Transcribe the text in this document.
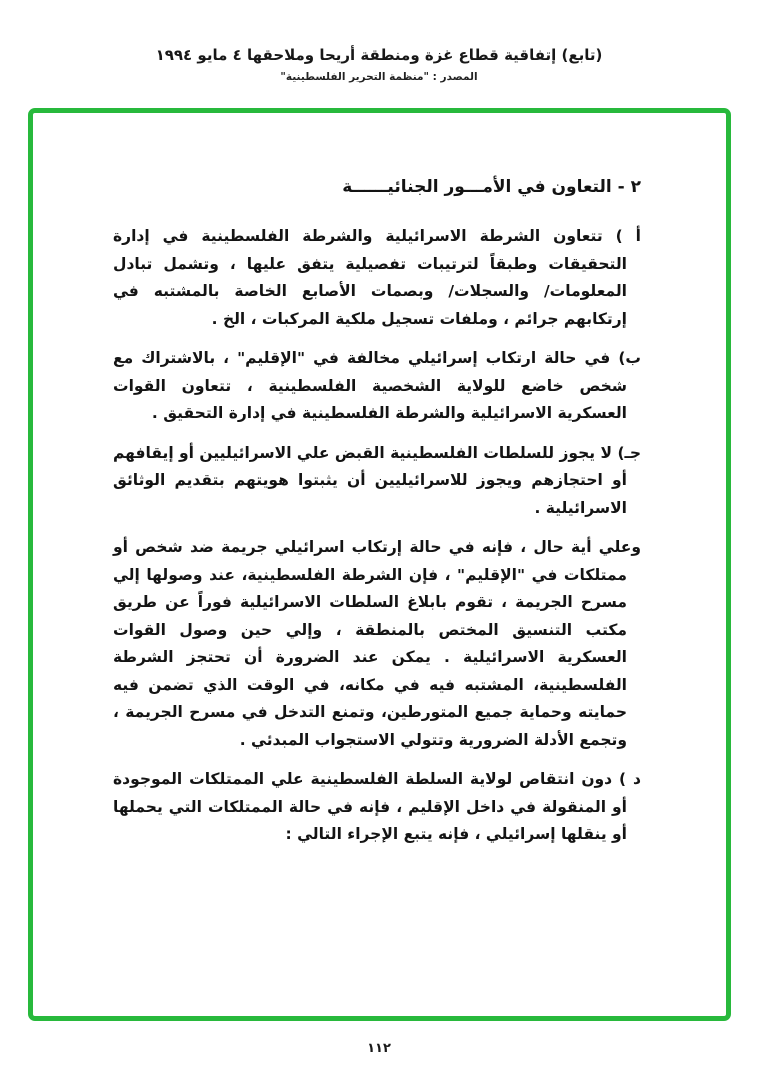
(تابع) إتفاقية قطاع غزة ومنطقة أريحا وملاحقها ٤ مايو ١٩٩٤
المصدر : "منظمة التحرير الفلسطينية"
٢ - التعاون في الأمـــور الجنائيــــــة
أ ) تتعاون الشرطة الاسرائيلية والشرطة الفلسطينية في إدارة التحقيقات وطبقاً لترتيبات تفصيلية يتفق عليها ، وتشمل تبادل المعلومات/ والسجلات/ وبصمات الأصابع الخاصة بالمشتبه في إرتكابهم جرائم ، وملفات تسجيل ملكية المركبات ، الخ .
ب) في حالة ارتكاب إسرائيلي مخالفة في "الإقليم" ، بالاشتراك مع شخص خاضع للولاية الشخصية الفلسطينية ، تتعاون القوات العسكرية الاسرائيلية والشرطة الفلسطينية في إدارة التحقيق .
جـ) لا يجوز للسلطات الفلسطينية القبض علي الاسرائيليين أو إيقافهم أو احتجازهم ويجوز للاسرائيليين أن يثبتوا هويتهم بتقديم الوثائق الاسرائيلية .
وعلي أية حال ، فإنه في حالة إرتكاب اسرائيلي جريمة ضد شخص أو ممتلكات في "الإقليم" ، فإن الشرطة الفلسطينية، عند وصولها إلي مسرح الجريمة ، تقوم بابلاغ السلطات الاسرائيلية فوراً عن طريق مكتب التنسيق المختص بالمنطقة ، وإلي حين وصول القوات العسكرية الاسرائيلية . يمكن عند الضرورة أن تحتجز الشرطة الفلسطينية، المشتبه فيه في مكانه، في الوقت الذي تضمن فيه حمايته وحماية جميع المتورطين، وتمنع التدخل في مسرح الجريمة ، وتجمع الأدلة الضرورية وتتولي الاستجواب المبدئي .
د ) دون انتقاص لولاية السلطة الفلسطينية علي الممتلكات الموجودة أو المنقولة في داخل الإقليم ، فإنه في حالة الممتلكات التي يحملها أو ينقلها إسرائيلي ، فإنه يتبع الإجراء التالي :
١١٢
